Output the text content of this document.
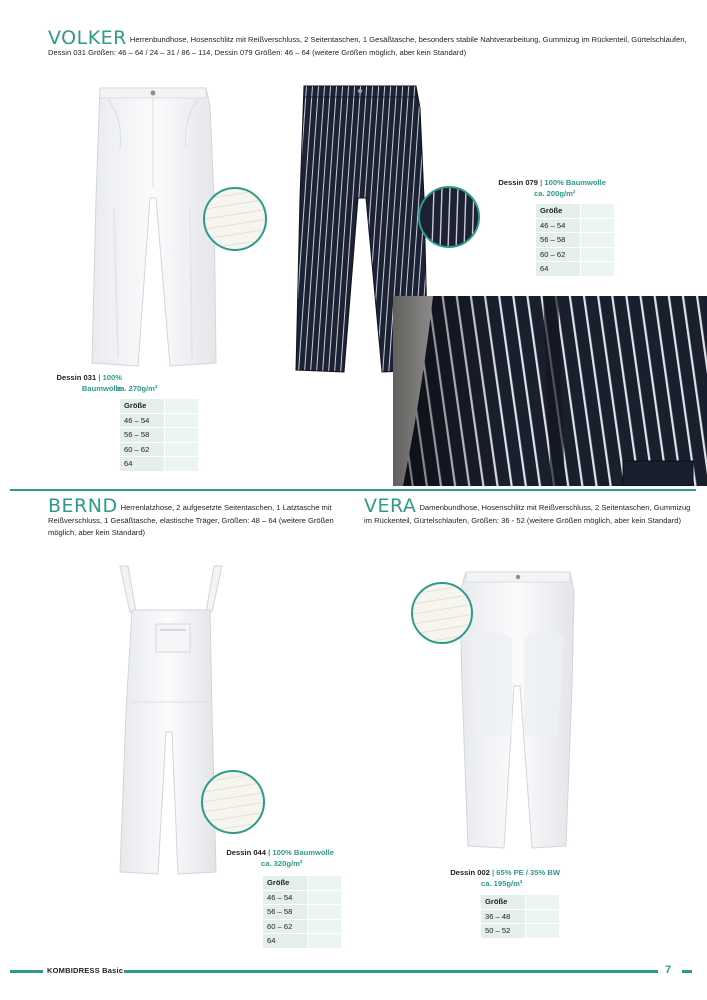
VOLKER Herrenbundhose, Hosenschlitz mit Reißverschluss, 2 Seitentaschen, 1 Gesäßtasche, besonders stabile Nahtverarbeitung, Gummizug im Rückenteil, Gürtelschlaufen, Dessin 031 Größen: 46 – 64 / 24 – 31 / 86 – 114, Dessin 079 Größen: 46 – 64 (weitere Größen möglich, aber kein Standard)
Dessin 079 | 100% Baumwolle
ca. 200g/m²
Größe	
46 – 54	
56 – 58	
60 – 62	
64	
Dessin 031 | 100% Baumwolle

ca. 270g/m²
Größe	
46 – 54	
56 – 58	
60 – 62	
64	
BERND Herrenlatzhose, 2 aufgesetzte Seitentaschen, 1 Latztasche mit Reißverschluss, 1 Gesäßtasche, elastische Träger, Größen: 48 – 64 (weitere Größen möglich, aber kein Standard)
Dessin 044 | 100% Baumwolle
ca. 320g/m²
Größe	
46 – 54	
56 – 58	
60 – 62	
64	
VERA Damenbundhose, Hosenschlitz mit Reißverschluss, 2 Seitentaschen, Gummizug im Rückenteil, Gürtelschlaufen, Größen: 36 - 52 (weitere Größen möglich, aber kein Standard)
Dessin 002 | 65% PE / 35% BW
ca. 195g/m²
Größe	
36 – 48	
50 – 52	
KOMBIDRESS Basic	7
